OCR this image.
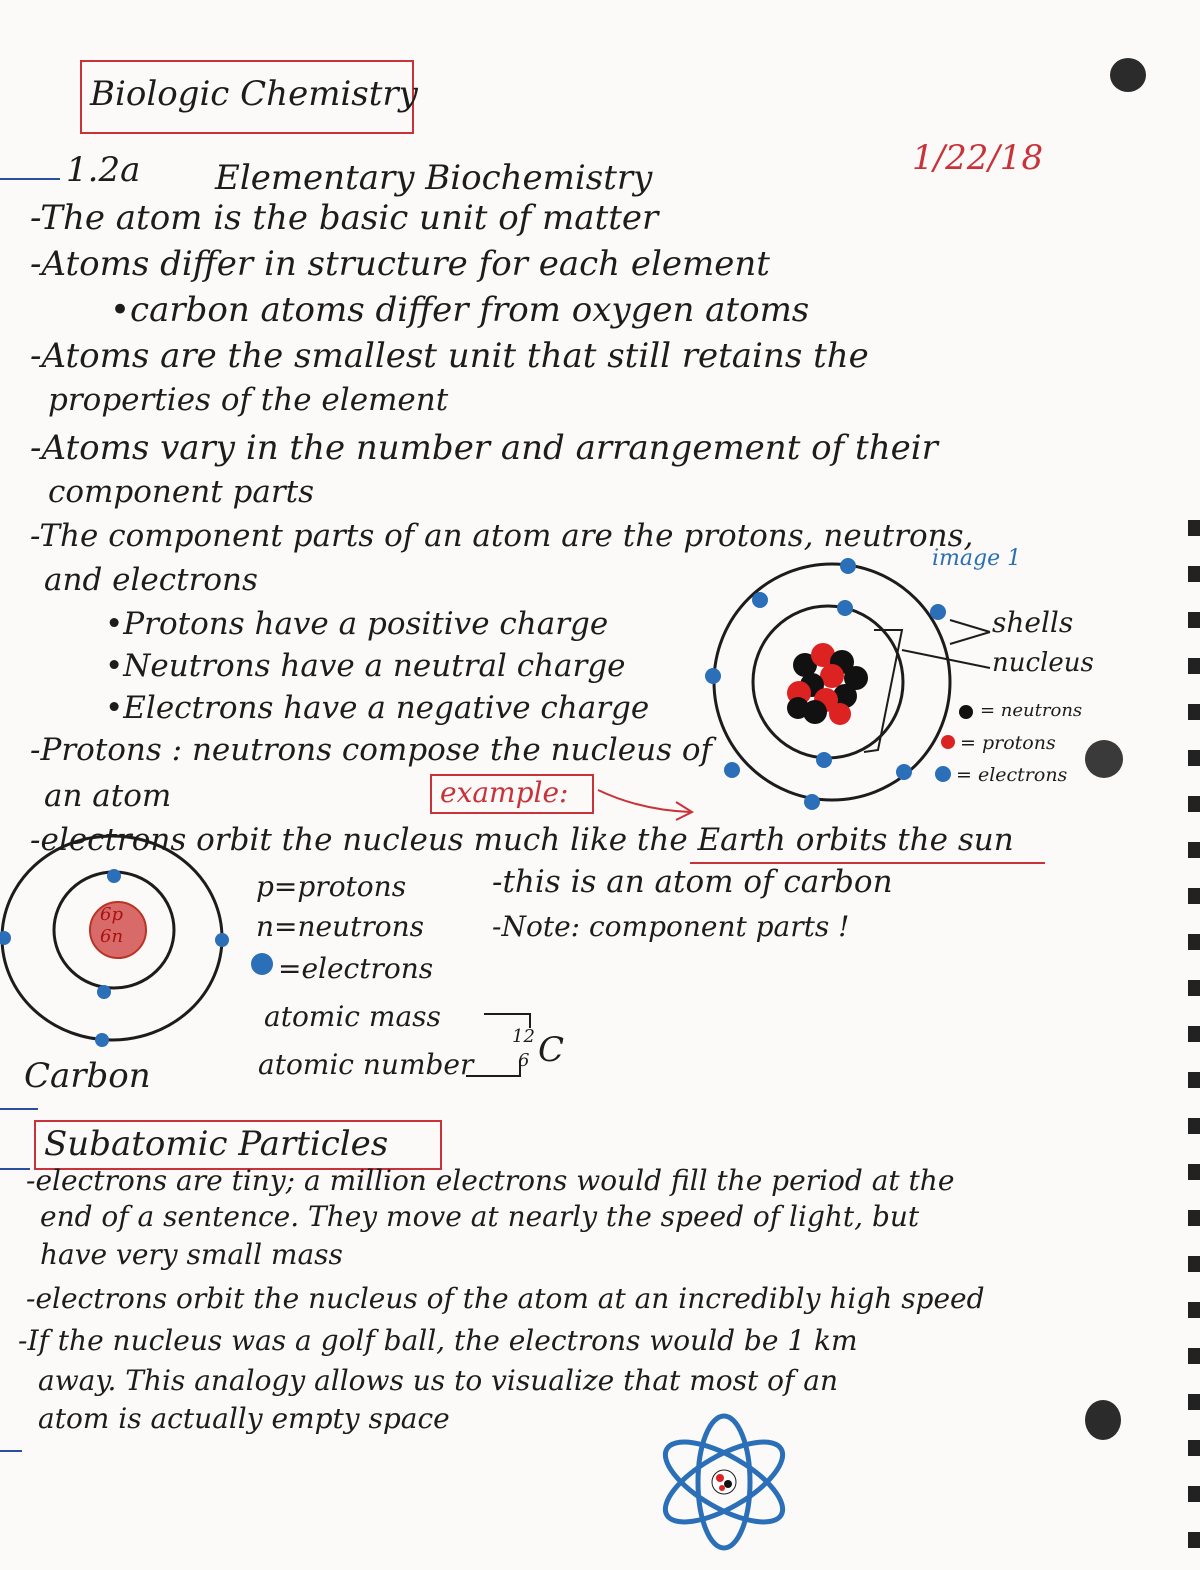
Biologic Chemistry
1.2a Elementary Biochemistry	1/22/18
-The atom is the basic unit of matter
-Atoms differ in structure for each element
•carbon atoms differ from oxygen atoms
-Atoms are the smallest unit that still retains the
properties of the element
-Atoms vary in the number and arrangement of their
component parts
-The component parts of an atom are the protons, neutrons,
and electrons
•Protons have a positive charge
•Neutrons have a neutral charge
•Electrons have a negative charge
-Protons : neutrons compose the nucleus of
an atom
-electrons orbit the nucleus much like the Earth orbits the sun
image 1
example:
shells
nucleus
= neutrons
= protons
= electrons
6p
6n
Carbon
p=protons
n=neutrons
=electrons
atomic mass
atomic number
12
6 C
-this is an atom of carbon
-Note: component parts !
Subatomic Particles
-electrons are tiny; a million electrons would fill the period at the
end of a sentence. They move at nearly the speed of light, but
have very small mass
-electrons orbit the nucleus of the atom at an incredibly high speed
-If the nucleus was a golf ball, the electrons would be 1 km
away. This analogy allows us to visualize that most of an
atom is actually empty space
